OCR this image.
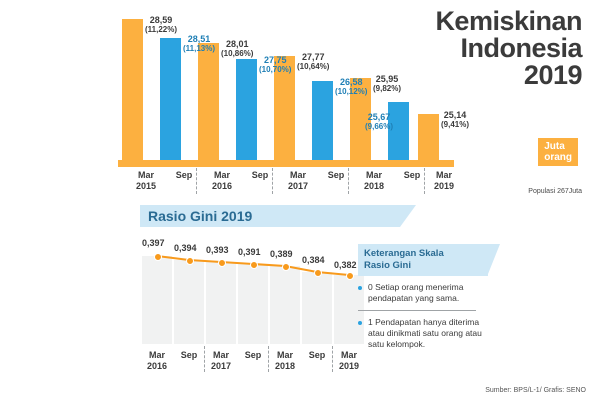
Kemiskinan
Indonesia
2019
28,59
(11,22%)
28,51
(11,13%)	28,01
(10,86%)
27,75
(10,70%)
27,77
(10,64%)
26,58
(10,12%)
25,95
(9,82%)
25,67
(9,66%)
25,14
(9,41%)
Juta
orang
Mar
2015
Sep	Mar
2016
Sep	Mar
2017
Sep	Mar
2018
Sep	Mar
2019
Populasi 267Juta
Rasio Gini 2019
0,397 0,394 0,393 0,391 0,389
0,384 0,382
Mar
2016
Sep	Mar
2017
Sep	Mar
2018
Sep	Mar
2019
Keterangan Skala
Rasio Gini
0 Setiap orang menerima pendapatan yang sama.
1 Pendapatan hanya diterima atau dinikmati satu orang atau satu kelompok.
Sumber: BPS/L-1/ Grafis: SENO
